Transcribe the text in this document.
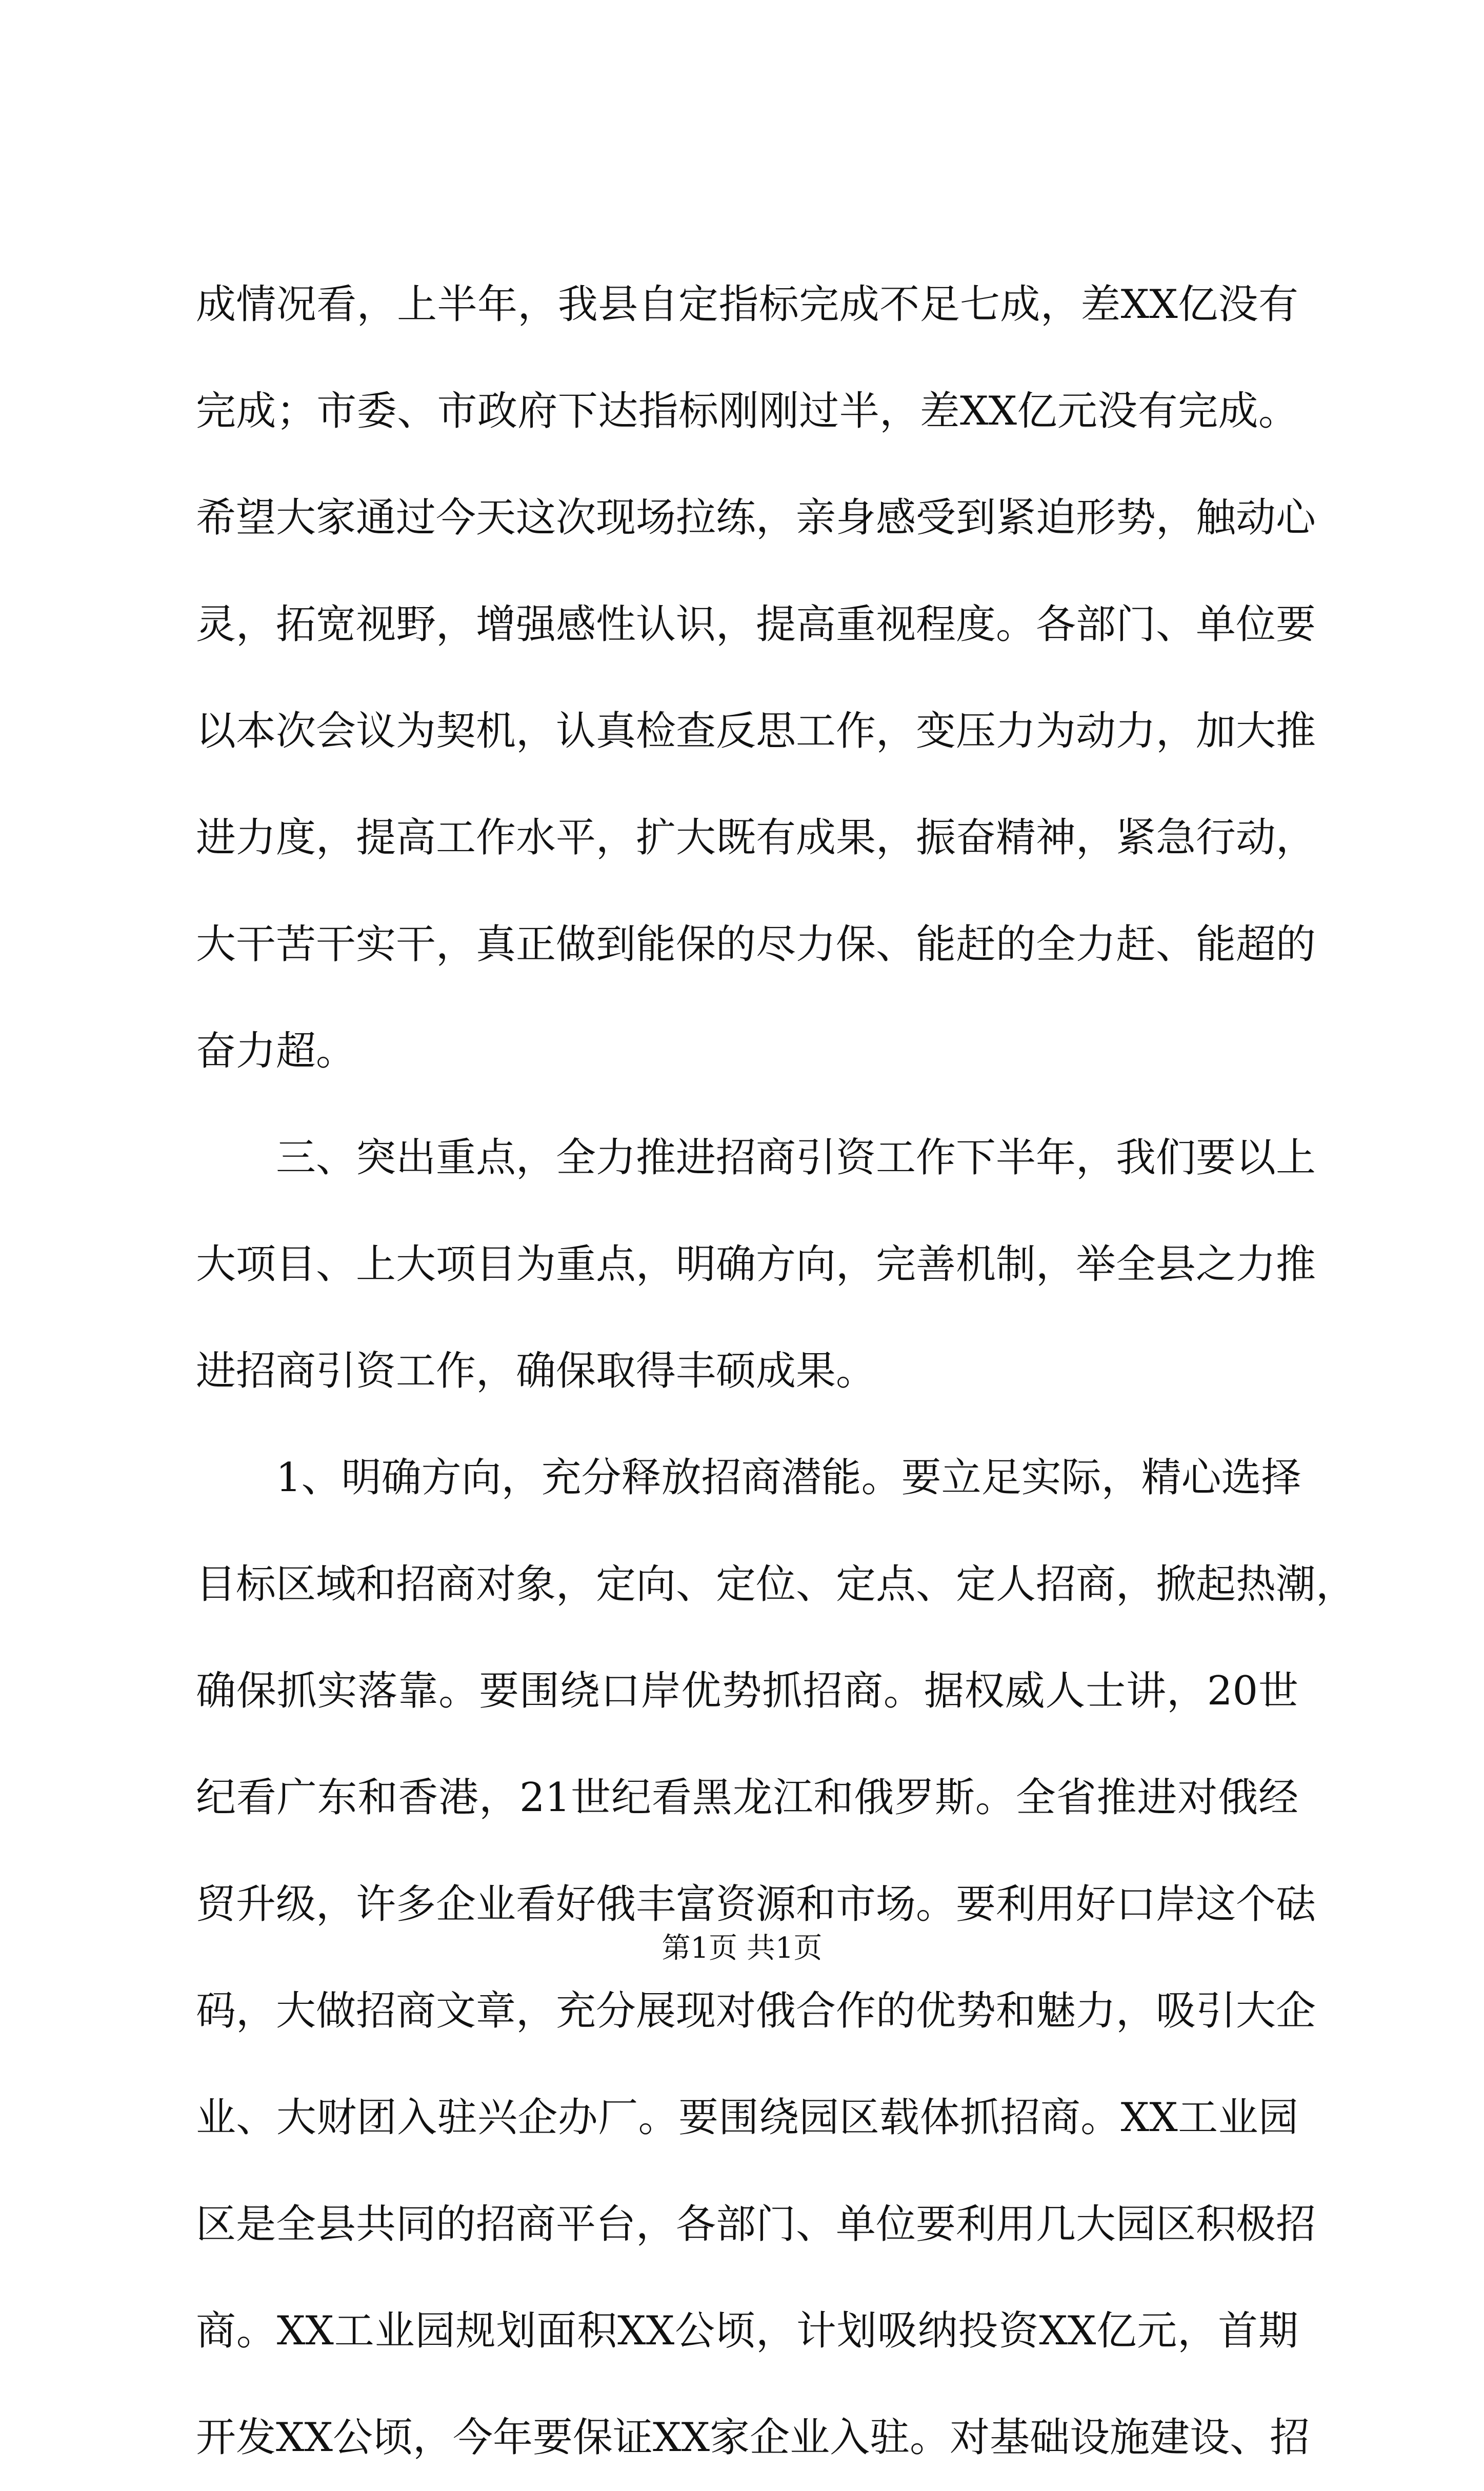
成情况看，上半年，我县自定指标完成不足七成，差XX亿没有
完成；市委、市政府下达指标刚刚过半，差XX亿元没有完成。
希望大家通过今天这次现场拉练，亲身感受到紧迫形势，触动心
灵，拓宽视野，增强感性认识，提高重视程度。各部门、单位要
以本次会议为契机，认真检查反思工作，变压力为动力，加大推
进力度，提高工作水平，扩大既有成果，振奋精神，紧急行动，
大干苦干实干，真正做到能保的尽力保、能赶的全力赶、能超的
奋力超。
三、突出重点，全力推进招商引资工作下半年，我们要以上
大项目、上大项目为重点，明确方向，完善机制，举全县之力推
进招商引资工作，确保取得丰硕成果。
1、明确方向，充分释放招商潜能。要立足实际，精心选择
目标区域和招商对象，定向、定位、定点、定人招商，掀起热潮，
确保抓实落靠。要围绕口岸优势抓招商。据权威人士讲，20世
纪看广东和香港，21世纪看黑龙江和俄罗斯。全省推进对俄经
贸升级，许多企业看好俄丰富资源和市场。要利用好口岸这个砝
码，大做招商文章，充分展现对俄合作的优势和魅力，吸引大企
业、大财团入驻兴企办厂。要围绕园区载体抓招商。XX工业园
区是全县共同的招商平台，各部门、单位要利用几大园区积极招
商。XX工业园规划面积XX公顷，计划吸纳投资XX亿元，首期
开发XX公顷，今年要保证XX家企业入驻。对基础设施建设、招
第1页 共1页
